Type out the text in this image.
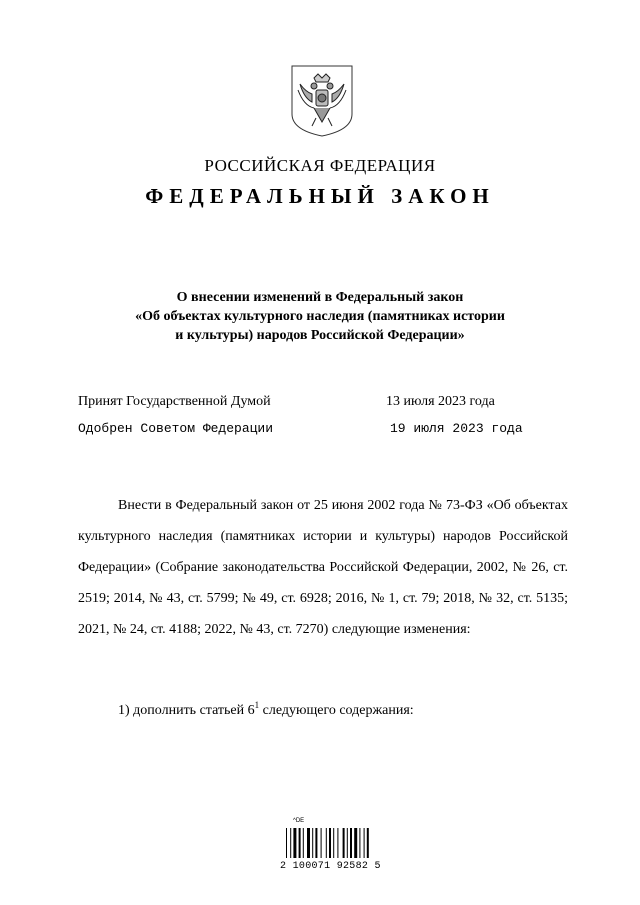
РОССИЙСКАЯ ФЕДЕРАЦИЯ
ФЕДЕРАЛЬНЫЙ ЗАКОН
О внесении изменений в Федеральный закон
«Об объектах культурного наследия (памятниках истории
и культуры) народов Российской Федерации»
Принят Государственной Думой	13 июля 2023 года
Одобрен Советом Федерации	19 июля 2023 года
Внести в Федеральный закон от 25 июня 2002 года № 73-ФЗ «Об объектах культурного наследия (памятниках истории и культуры) народов Российской Федерации» (Собрание законодательства Российской Федерации, 2002, № 26, ст. 2519; 2014, № 43, ст. 5799; № 49, ст. 6928; 2016, № 1, ст. 79; 2018, № 32, ст. 5135; 2021, № 24, ст. 4188; 2022, № 43, ст. 7270) следующие изменения:
1) дополнить статьей $6^1$ следующего содержания:
^DE
2 100071 92582 5
